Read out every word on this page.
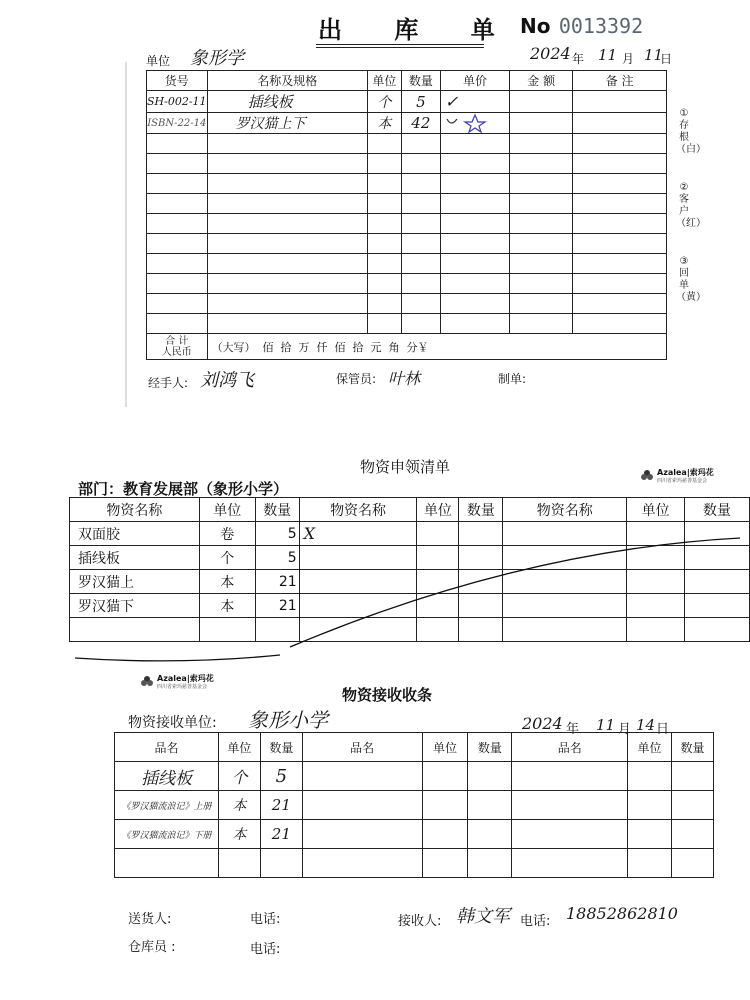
出 库 单 No 0013392
单位 象形学	2024 年 11 月 11
日
货号	名称及规格	单位	数量	单价	金 额	备 注
SH-002-11	插线板	个	5	✓		
ISBN-22-14	罗汉猫上下	本	42	

合 计
人民币	（大写）  佰  拾  万  仟  佰  拾  元  角  分￥					
①存根（白）
②客户（红）
③回单（黄）
经手人: 刘鸿飞	保管员: 叶林	制单:
物资申领清单
部门：教育发展部（象形小学）
Azalea|索玛花
四川省索玛慈善基金会
物资名称	单位	数量	物资名称	单位	数量	物资名称	单位	数量
双面胶	卷	5	X					
插线板	个	5						
罗汉猫上	本	21						
罗汉猫下	本	21						

Azalea|索玛花
四川省索玛慈善基金会	物资接收收条
物资接收单位: 象形小学	2024 年 11 月 14 日
品名	单位	数量	品名	单位	数量	品名	单位	数量
插线板	个	5						
《罗汉猫流浪记》上册	本	21						
《罗汉猫流浪记》下册	本	21						

送货人:	电话:	接收人: 韩文军 电话: 18852862810
仓库员 :	电话:
